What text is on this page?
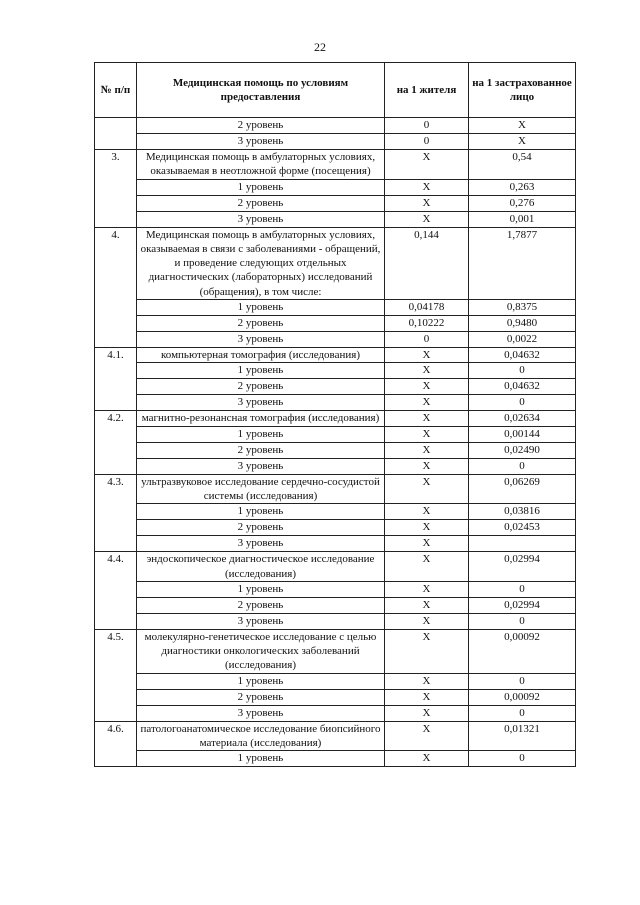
22
№ п/п	Медицинская помощь по условиям предоставления	на 1 жителя	на 1 застрахованное лицо
	2 уровень	0	Х
	3 уровень	0	Х
3.	Медицинская помощь в амбулаторных условиях, оказываемая в неотложной форме (посещения)	Х	0,54
	1 уровень	Х	0,263
	2 уровень	Х	0,276
	3 уровень	Х	0,001
4.	Медицинская помощь в амбулаторных условиях, оказываемая в связи с заболеваниями - обращений, и проведение следующих отдельных диагностических (лабораторных) исследований (обращения), в том числе:	0,144	1,7877
	1 уровень	0,04178	0,8375
	2 уровень	0,10222	0,9480
	3 уровень	0	0,0022
4.1.	компьютерная томография (исследования)	Х	0,04632
	1 уровень	Х	0
	2 уровень	Х	0,04632
	3 уровень	Х	0
4.2.	магнитно-резонансная томография (исследования)	Х	0,02634
	1 уровень	Х	0,00144
	2 уровень	Х	0,02490
	3 уровень	Х	0
4.3.	ультразвуковое исследование сердечно-сосудистой системы (исследования)	Х	0,06269
	1 уровень	Х	0,03816
	2 уровень	Х	0,02453
	3 уровень	Х	
4.4.	эндоскопическое диагностическое исследование (исследования)	Х	0,02994
	1 уровень	Х	0
	2 уровень	Х	0,02994
	3 уровень	Х	0
4.5.	молекулярно-генетическое исследование с целью диагностики онкологических заболеваний (исследования)	Х	0,00092
	1 уровень	Х	0
	2 уровень	Х	0,00092
	3 уровень	Х	0
4.6.	патологоанатомическое исследование биопсийного материала (исследования)	Х	0,01321
	1 уровень	Х	0
